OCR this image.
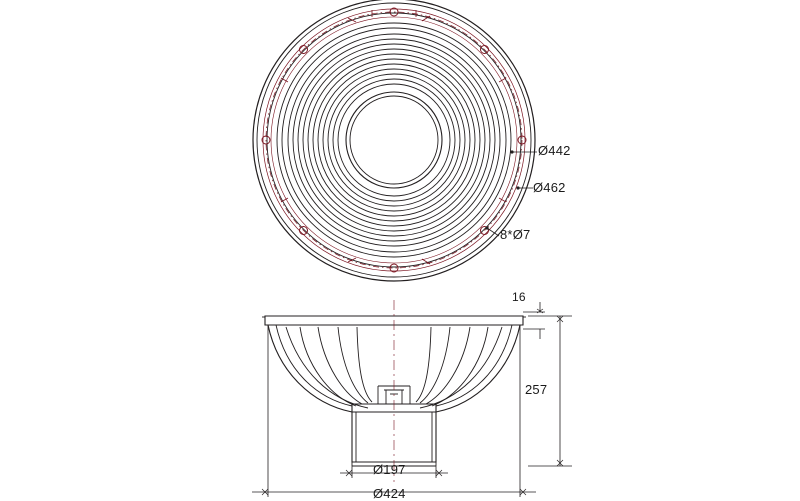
Ø442
Ø462
8*Ø7
16
257
Ø197
Ø424
